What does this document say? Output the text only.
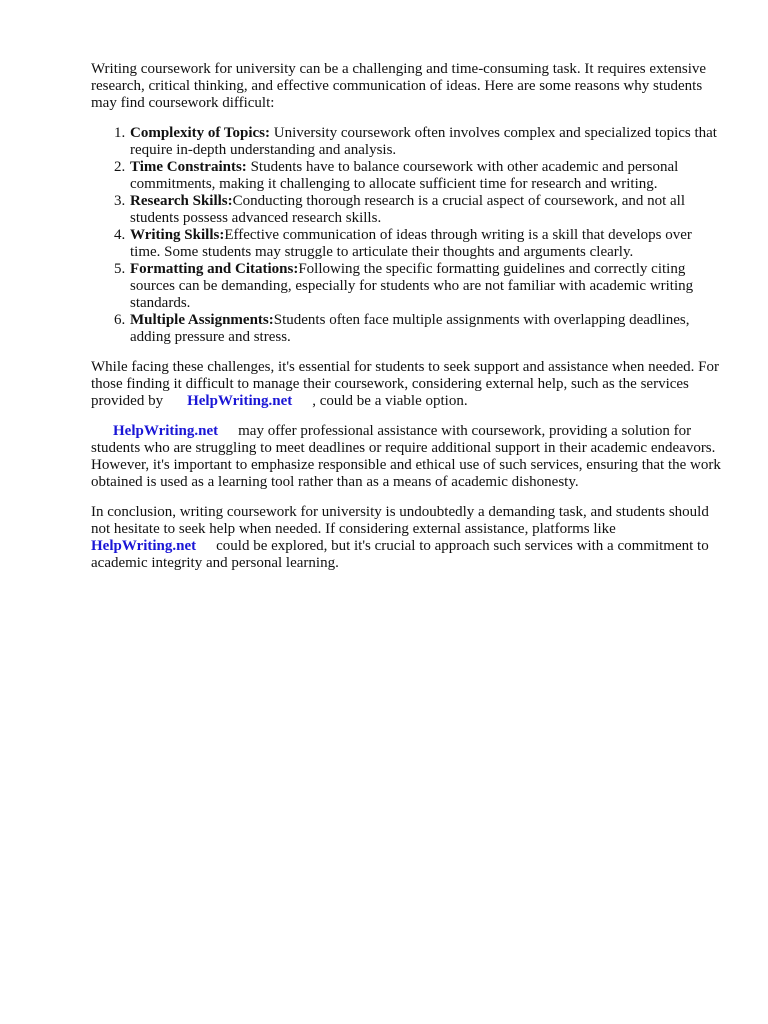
Writing coursework for university can be a challenging and time-consuming task. It requires extensive research, critical thinking, and effective communication of ideas. Here are some reasons why students may find coursework difficult:

1. Complexity of Topics: University coursework often involves complex and specialized topics that require in-depth understanding and analysis.
2. Time Constraints: Students have to balance coursework with other academic and personal commitments, making it challenging to allocate sufficient time for research and writing.
3. Research Skills:Conducting thorough research is a crucial aspect of coursework, and not all students possess advanced research skills.
4. Writing Skills:Effective communication of ideas through writing is a skill that develops over time. Some students may struggle to articulate their thoughts and arguments clearly.
5. Formatting and Citations:Following the specific formatting guidelines and correctly citing sources can be demanding, especially for students who are not familiar with academic writing standards.
6. Multiple Assignments:Students often face multiple assignments with overlapping deadlines, adding pressure and stress.

While facing these challenges, it's essential for students to seek support and assistance when needed. For those finding it difficult to manage their coursework, considering external help, such as the services provided by HelpWriting.net , could be a viable option.

HelpWriting.net may offer professional assistance with coursework, providing a solution for students who are struggling to meet deadlines or require additional support in their academic endeavors. However, it's important to emphasize responsible and ethical use of such services, ensuring that the work obtained is used as a learning tool rather than as a means of academic dishonesty.

In conclusion, writing coursework for university is undoubtedly a demanding task, and students should not hesitate to seek help when needed. If considering external assistance, platforms like HelpWriting.net could be explored, but it's crucial to approach such services with a commitment to academic integrity and personal learning.
